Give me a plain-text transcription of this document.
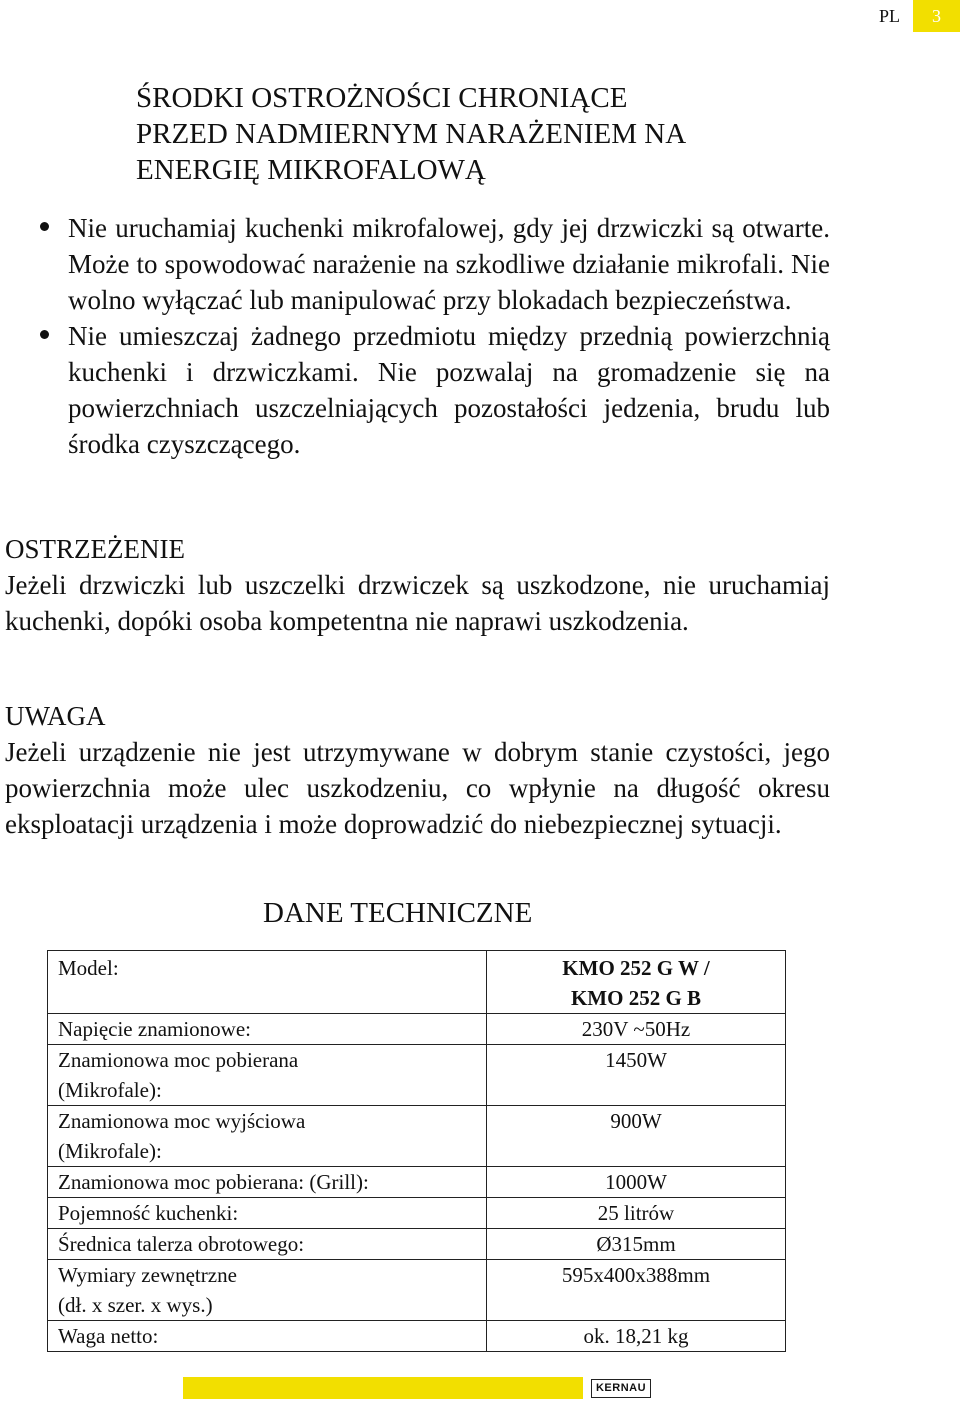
PL	3
ŚRODKI OSTROŻNOŚCI CHRONIĄCE
PRZED NADMIERNYM NARAŻENIEM NA
ENERGIĘ MIKROFALOWĄ
Nie uruchamiaj kuchenki mikrofalowej, gdy jej drzwiczki są otwarte. Może to spowodować narażenie na szkodliwe działanie mikrofali. Nie wolno wyłączać lub manipulować przy blokadach bezpieczeństwa.
Nie umieszczaj żadnego przedmiotu między przednią powierzchnią kuchenki i drzwiczkami. Nie pozwalaj na gromadzenie się na powierzchniach uszczelniających pozostałości jedzenia, brudu lub środka czyszczącego.

OSTRZEŻENIE

Jeżeli drzwiczki lub uszczelki drzwiczek są uszkodzone, nie uruchamiaj kuchenki, dopóki osoba kompetentna nie naprawi uszkodzenia.

UWAGA

Jeżeli urządzenie nie jest utrzymywane w dobrym stanie czystości, jego powierzchnia może ulec uszkodzeniu, co wpłynie na długość okresu eksploatacji urządzenia i może doprowadzić do niebezpiecznej sytuacji.

DANE TECHNICZNE
Model:	KMO 252 G W /
KMO 252 G B

Napięcie znamionowe:	230V ~50Hz

Znamionowa moc pobierana
(Mikrofale):	1450W

Znamionowa moc wyjściowa
(Mikrofale):	900W

Znamionowa moc pobierana: (Grill):	1000W

Pojemność kuchenki:	25 litrów

Średnica talerza obrotowego:	Ø315mm

Wymiary zewnętrzne
(dł. x szer. x wys.)	595x400x388mm

Waga netto:	ok. 18,21 kg
KERNAU
